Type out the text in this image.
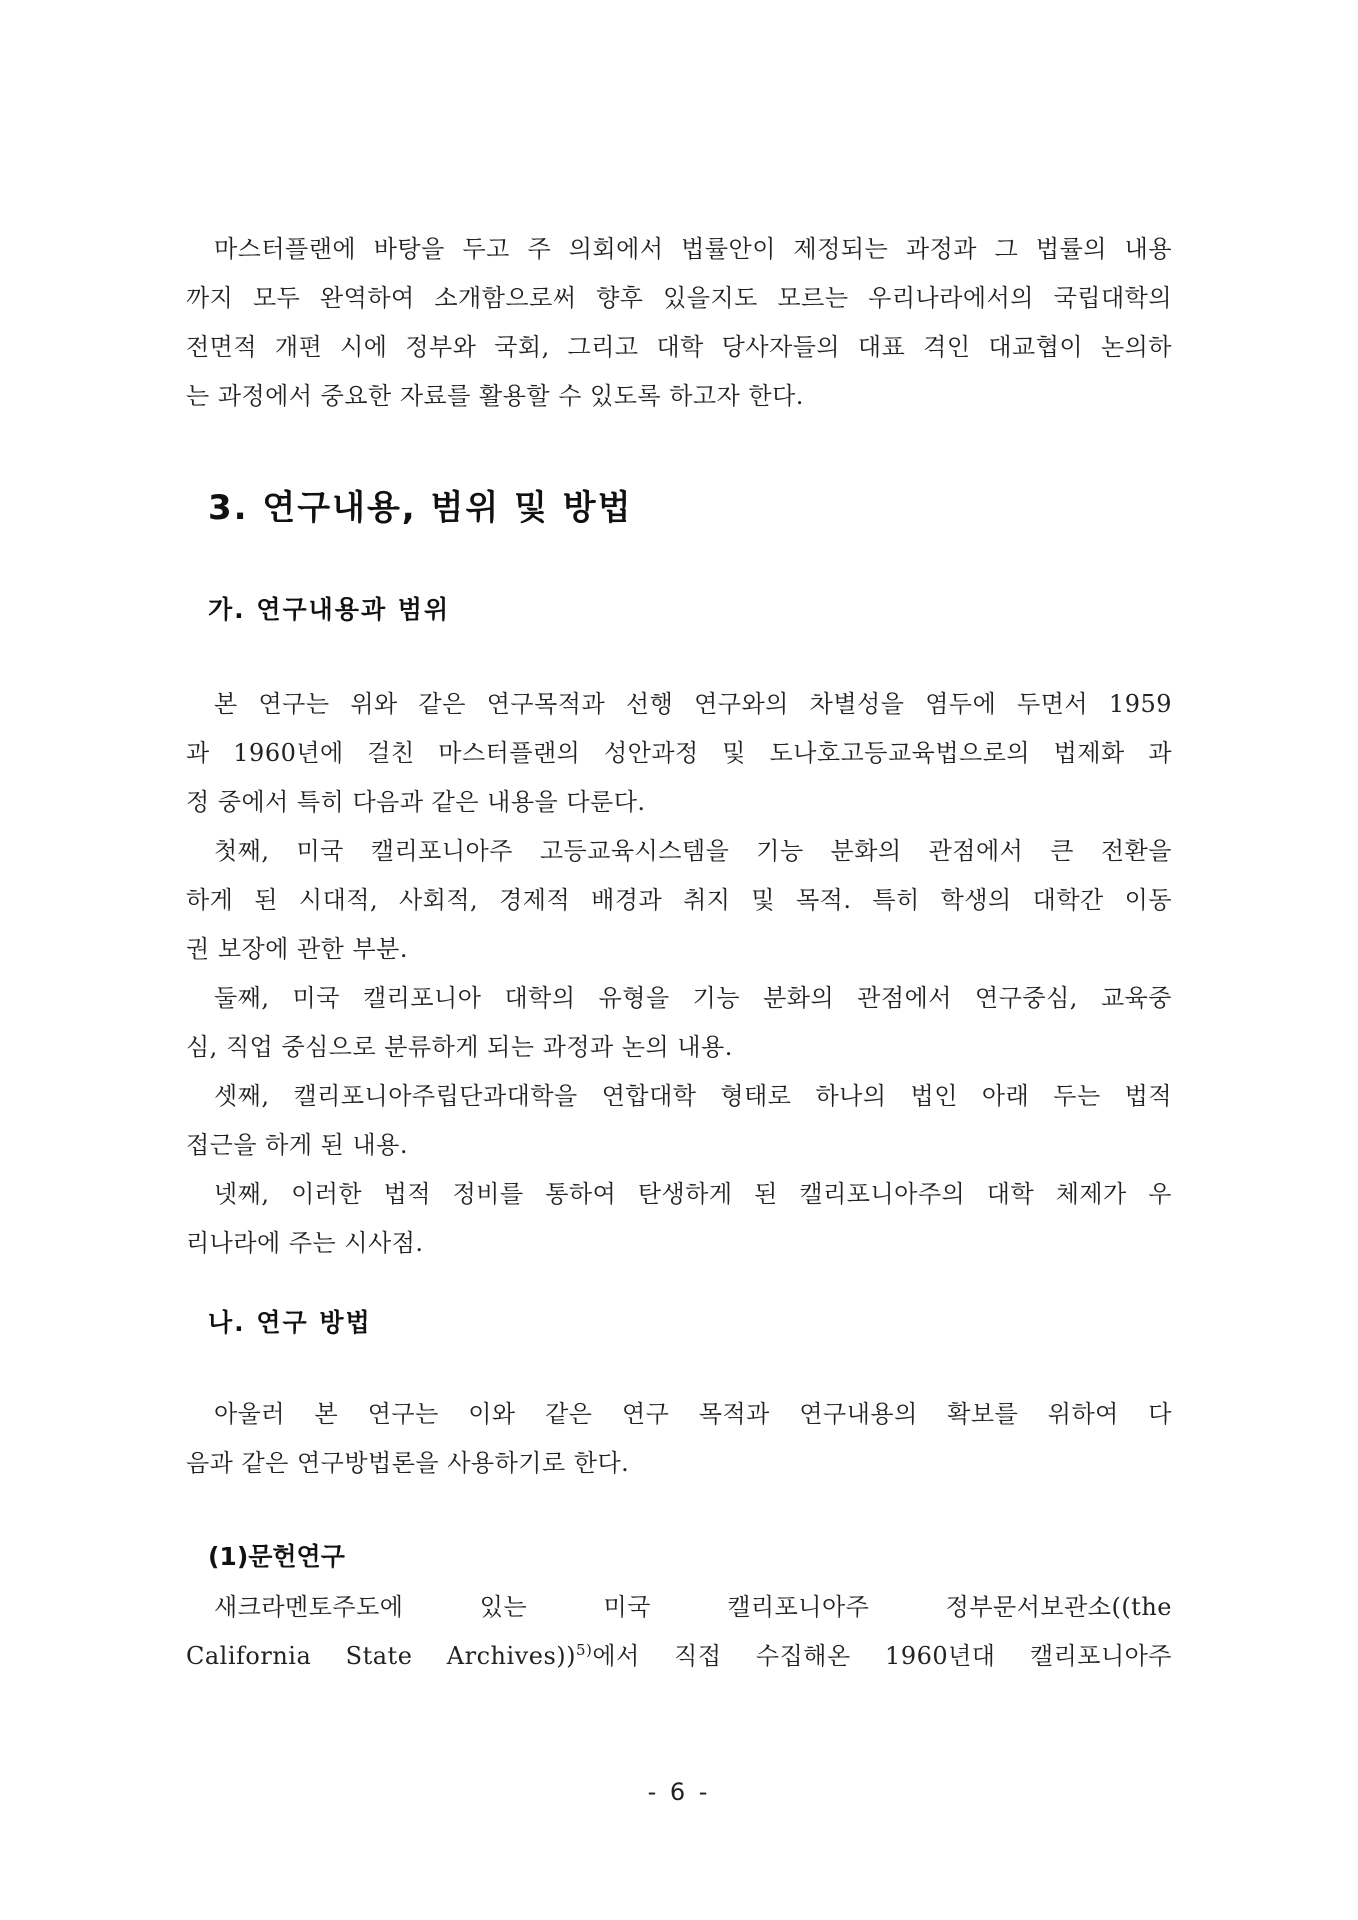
마스터플랜에 바탕을 두고 주 의회에서 법률안이 제정되는 과정과 그 법률의 내용
까지 모두 완역하여 소개함으로써 향후 있을지도 모르는 우리나라에서의 국립대학의
전면적 개편 시에 정부와 국회, 그리고 대학 당사자들의 대표 격인 대교협이 논의하
는 과정에서 중요한 자료를 활용할 수 있도록 하고자 한다.
3. 연구내용, 범위 및 방법
가. 연구내용과 범위
본 연구는 위와 같은 연구목적과 선행 연구와의 차별성을 염두에 두면서 1959
과 1960년에 걸친 마스터플랜의 성안과정 및 도나호고등교육법으로의 법제화 과
정 중에서 특히 다음과 같은 내용을 다룬다.
첫째, 미국 캘리포니아주 고등교육시스템을 기능 분화의 관점에서 큰 전환을
하게 된 시대적, 사회적, 경제적 배경과 취지 및 목적. 특히 학생의 대학간 이동
권 보장에 관한 부분.
둘째, 미국 캘리포니아 대학의 유형을 기능 분화의 관점에서 연구중심, 교육중
심, 직업 중심으로 분류하게 되는 과정과 논의 내용.
셋째, 캘리포니아주립단과대학을 연합대학 형태로 하나의 법인 아래 두는 법적
접근을 하게 된 내용.
넷째, 이러한 법적 정비를 통하여 탄생하게 된 캘리포니아주의 대학 체제가 우
리나라에 주는 시사점.
나. 연구 방법
아울러 본 연구는 이와 같은 연구 목적과 연구내용의 확보를 위하여 다
음과 같은 연구방법론을 사용하기로 한다.
(1)문헌연구
새크라멘토주도에 있는 미국 캘리포니아주 정부문서보관소((the
California State Archives))$^{5)}$에서 직접 수집해온 1960년대 캘리포니아주
- 6 -
